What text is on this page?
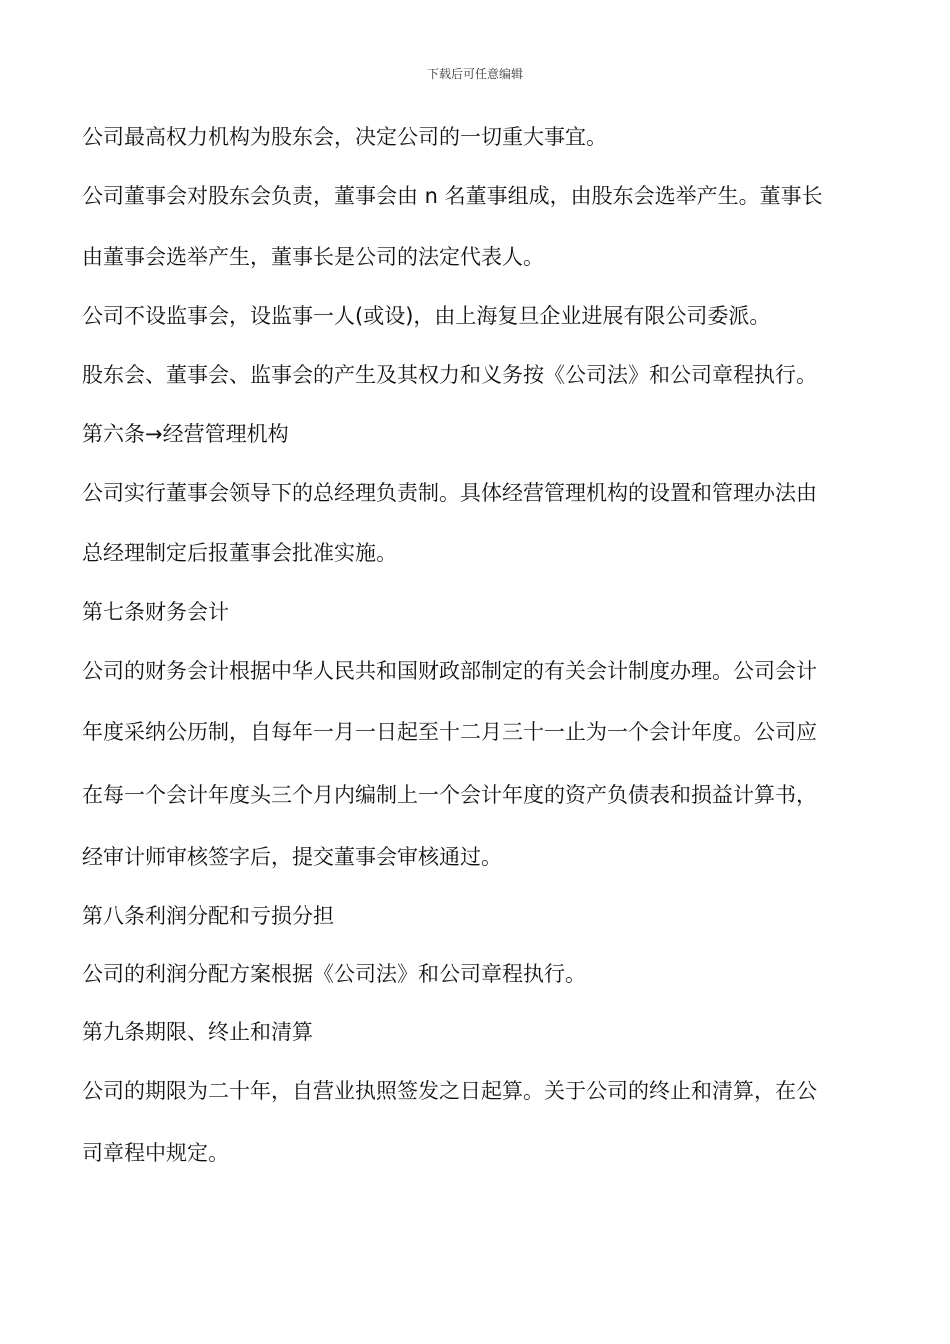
下载后可任意编辑
公司最高权力机构为股东会，决定公司的一切重大事宜。
公司董事会对股东会负责，董事会由 n 名董事组成，由股东会选举产生。董事长
由董事会选举产生，董事长是公司的法定代表人。
公司不设监事会，设监事一人(或设)，由上海复旦企业进展有限公司委派。
股东会、董事会、监事会的产生及其权力和义务按《公司法》和公司章程执行。
第六条→经营管理机构
公司实行董事会领导下的总经理负责制。具体经营管理机构的设置和管理办法由
总经理制定后报董事会批准实施。
第七条财务会计
公司的财务会计根据中华人民共和国财政部制定的有关会计制度办理。公司会计
年度采纳公历制，自每年一月一日起至十二月三十一止为一个会计年度。公司应
在每一个会计年度头三个月内编制上一个会计年度的资产负债表和损益计算书，
经审计师审核签字后，提交董事会审核通过。
第八条利润分配和亏损分担
公司的利润分配方案根据《公司法》和公司章程执行。
第九条期限、终止和清算
公司的期限为二十年，自营业执照签发之日起算。关于公司的终止和清算，在公
司章程中规定。
